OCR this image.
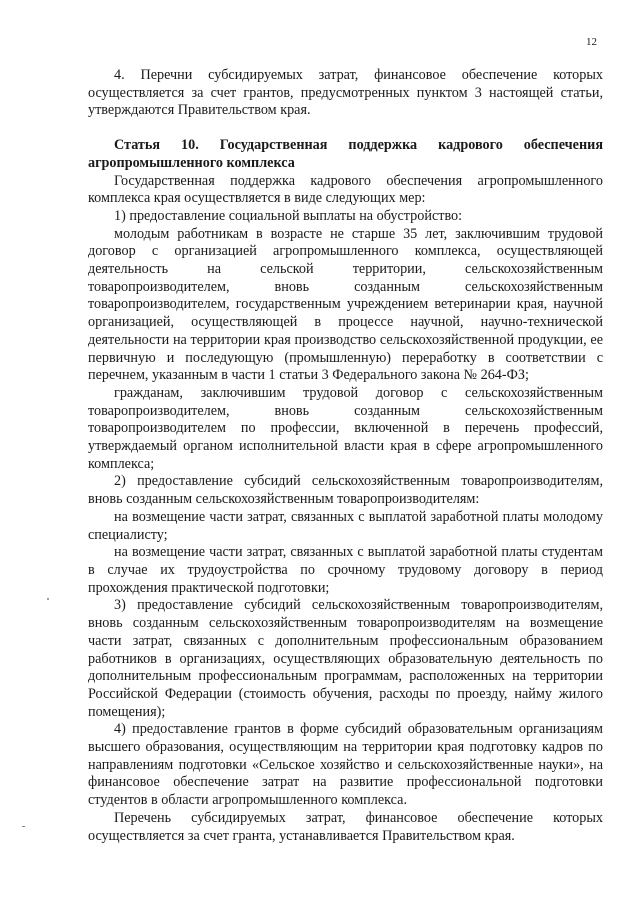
12

4. Перечни субсидируемых затрат, финансовое обеспечение которых осуществляется за счет грантов, предусмотренных пунктом 3 настоящей статьи, утверждаются Правительством края.

Статья 10. Государственная поддержка кадрового обеспечения агропромышленного комплекса

Государственная поддержка кадрового обеспечения агропромышленного комплекса края осуществляется в виде следующих мер:

1) предоставление социальной выплаты на обустройство:

молодым работникам в возрасте не старше 35 лет, заключившим трудовой договор с организацией агропромышленного комплекса, осуществляющей деятельность на сельской территории, сельскохозяйственным товаропроизводителем, вновь созданным сельскохозяйственным товаропроизводителем, государственным учреждением ветеринарии края, научной организацией, осуществляющей в процессе научной, научно-технической деятельности на территории края производство сельскохозяйственной продукции, ее первичную и последующую (промышленную) переработку в соответствии с перечнем, указанным в части 1 статьи 3 Федерального закона № 264-ФЗ;

гражданам, заключившим трудовой договор с сельскохозяйственным товаропроизводителем, вновь созданным сельскохозяйственным товаропроизводителем по профессии, включенной в перечень профессий, утверждаемый органом исполнительной власти края в сфере агропромышленного комплекса;

2) предоставление субсидий сельскохозяйственным товаропроизводителям, вновь созданным сельскохозяйственным товаропроизводителям:

на возмещение части затрат, связанных с выплатой заработной платы молодому специалисту;

на возмещение части затрат, связанных с выплатой заработной платы студентам в случае их трудоустройства по срочному трудовому договору в период прохождения практической подготовки;

3) предоставление субсидий сельскохозяйственным товаропроизводителям, вновь созданным сельскохозяйственным товаропроизводителям на возмещение части затрат, связанных с дополнительным профессиональным образованием работников в организациях, осуществляющих образовательную деятельность по дополнительным профессиональным программам, расположенных на территории Российской Федерации (стоимость обучения, расходы по проезду, найму жилого помещения);

4) предоставление грантов в форме субсидий образовательным организациям высшего образования, осуществляющим на территории края подготовку кадров по направлениям подготовки «Сельское хозяйство и сельскохозяйственные науки», на финансовое обеспечение затрат на развитие профессиональной подготовки студентов в области агропромышленного комплекса.

Перечень субсидируемых затрат, финансовое обеспечение которых осуществляется за счет гранта, устанавливается Правительством края.
